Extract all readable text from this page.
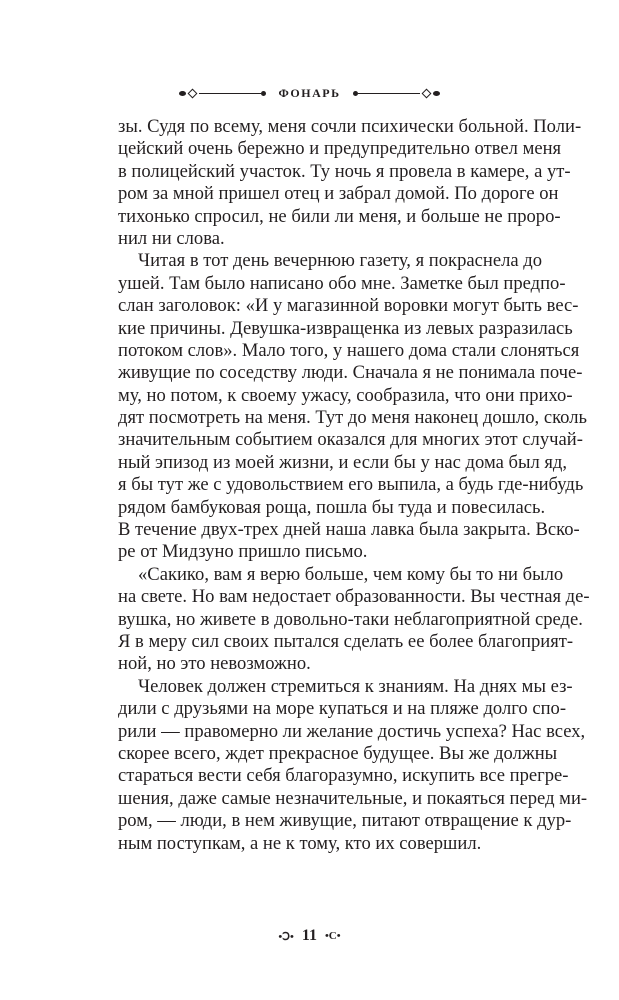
ФОНАРЬ
зы. Судя по всему, меня сочли психически больной. Поли-
цейский очень бережно и предупредительно отвел меня
в полицейский участок. Ту ночь я провела в камере, а ут-
ром за мной пришел отец и забрал домой. По дороге он
тихонько спросил, не били ли меня, и больше не проро-
нил ни слова.
Читая в тот день вечернюю газету, я покраснела до
ушей. Там было написано обо мне. Заметке был предпо-
слан заголовок: «И у магазинной воровки могут быть вес-
кие причины. Девушка-извращенка из левых разразилась
потоком слов». Мало того, у нашего дома стали слоняться
живущие по соседству люди. Сначала я не понимала поче-
му, но потом, к своему ужасу, сообразила, что они прихо-
дят посмотреть на меня. Тут до меня наконец дошло, сколь
значительным событием оказался для многих этот случай-
ный эпизод из моей жизни, и если бы у нас дома был яд,
я бы тут же с удовольствием его выпила, а будь где-нибудь
рядом бамбуковая роща, пошла бы туда и повесилась.
В течение двух-трех дней наша лавка была закрыта. Вско-
ре от Мидзуно пришло письмо.
«Сакико, вам я верю больше, чем кому бы то ни было
на свете. Но вам недостает образованности. Вы честная де-
вушка, но живете в довольно-таки неблагоприятной среде.
Я в меру сил своих пытался сделать ее более благоприят-
ной, но это невозможно.
Человек должен стремиться к знаниям. На днях мы ез-
дили с друзьями на море купаться и на пляже долго спо-
рили — правомерно ли желание достичь успеха? Нас всех,
скорее всего, ждет прекрасное будущее. Вы же должны
стараться вести себя благоразумно, искупить все прегре-
шения, даже самые незначительные, и покаяться перед ми-
ром, — люди, в нем живущие, питают отвращение к дур-
ным поступкам, а не к тому, кто их совершил.
•Ↄ• 11 •C•
